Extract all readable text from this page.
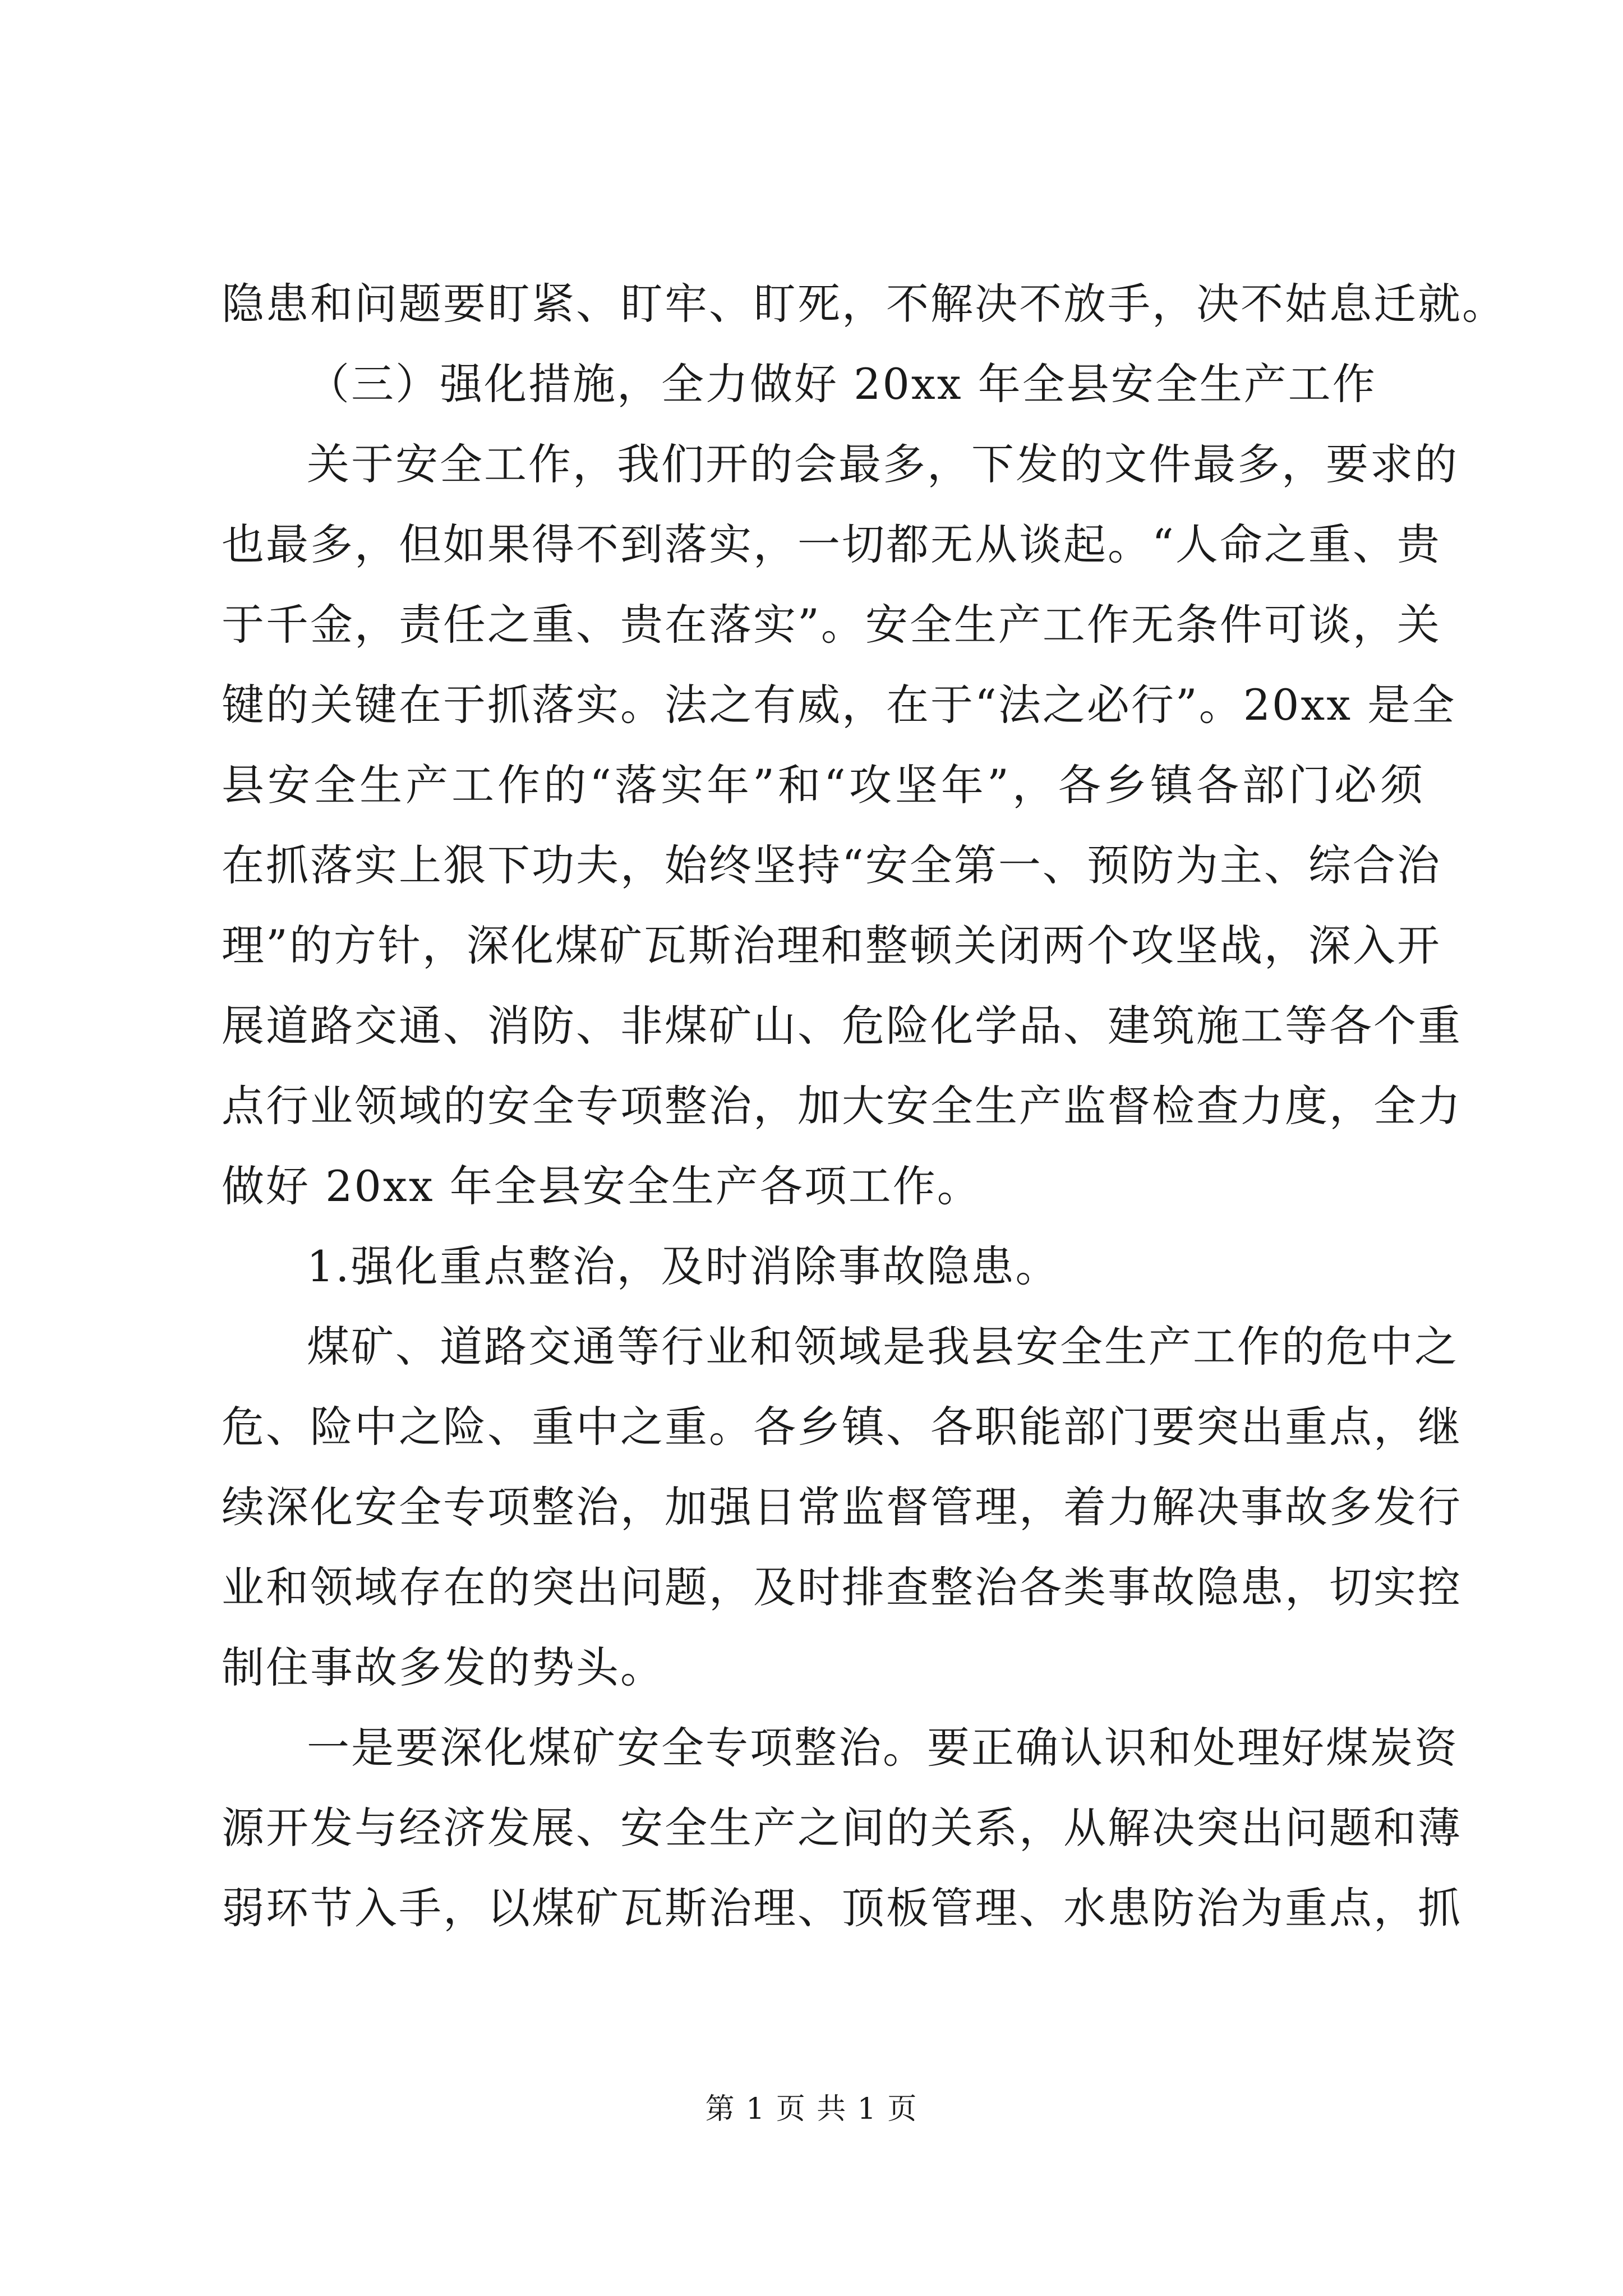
隐患和问题要盯紧、盯牢、盯死，不解决不放手，决不姑息迁就。
（三）强化措施，全力做好 20xx 年全县安全生产工作
关于安全工作，我们开的会最多，下发的文件最多，要求的
也最多，但如果得不到落实，一切都无从谈起。“人命之重、贵
于千金，责任之重、贵在落实”。安全生产工作无条件可谈，关
键的关键在于抓落实。法之有威，在于“法之必行”。20xx 是全
县安全生产工作的“落实年”和“攻坚年”，各乡镇各部门必须
在抓落实上狠下功夫，始终坚持“安全第一、预防为主、综合治
理”的方针，深化煤矿瓦斯治理和整顿关闭两个攻坚战，深入开
展道路交通、消防、非煤矿山、危险化学品、建筑施工等各个重
点行业领域的安全专项整治，加大安全生产监督检查力度，全力
做好 20xx 年全县安全生产各项工作。
1.强化重点整治，及时消除事故隐患。
煤矿、道路交通等行业和领域是我县安全生产工作的危中之
危、险中之险、重中之重。各乡镇、各职能部门要突出重点，继
续深化安全专项整治，加强日常监督管理，着力解决事故多发行
业和领域存在的突出问题，及时排查整治各类事故隐患，切实控
制住事故多发的势头。
一是要深化煤矿安全专项整治。要正确认识和处理好煤炭资
源开发与经济发展、安全生产之间的关系，从解决突出问题和薄
弱环节入手，以煤矿瓦斯治理、顶板管理、水患防治为重点，抓
第 1 页 共 1 页
